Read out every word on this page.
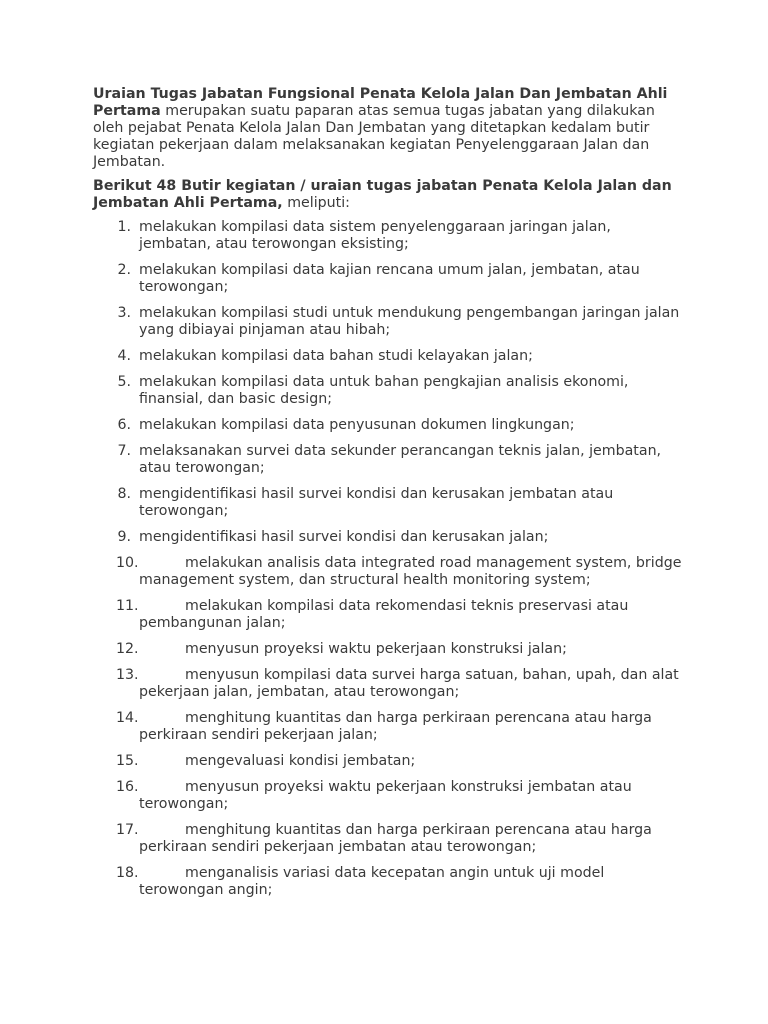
Uraian Tugas Jabatan Fungsional Penata Kelola Jalan Dan Jembatan Ahli Pertama merupakan suatu paparan atas semua tugas jabatan yang dilakukan oleh pejabat Penata Kelola Jalan Dan Jembatan yang ditetapkan kedalam butir kegiatan pekerjaan dalam melaksanakan kegiatan Penyelenggaraan Jalan dan Jembatan.

Berikut 48 Butir kegiatan / uraian tugas jabatan Penata Kelola Jalan dan Jembatan Ahli Pertama, meliputi:

1. melakukan kompilasi data sistem penyelenggaraan jaringan jalan, jembatan, atau terowongan eksisting;
2. melakukan kompilasi data kajian rencana umum jalan, jembatan, atau terowongan;
3. melakukan kompilasi studi untuk mendukung pengembangan jaringan jalan yang dibiayai pinjaman atau hibah;
4. melakukan kompilasi data bahan studi kelayakan jalan;
5. melakukan kompilasi data untuk bahan pengkajian analisis ekonomi, finansial, dan basic design;
6. melakukan kompilasi data penyusunan dokumen lingkungan;
7. melaksanakan survei data sekunder perancangan teknis jalan, jembatan, atau terowongan;
8. mengidentifikasi hasil survei kondisi dan kerusakan jembatan atau terowongan;
9. mengidentifikasi hasil survei kondisi dan kerusakan jalan;
10.	melakukan analisis data integrated road management system, bridge management system, dan structural health monitoring system;
11.	melakukan kompilasi data rekomendasi teknis preservasi atau pembangunan jalan;
12.	menyusun proyeksi waktu pekerjaan konstruksi jalan;
13.	menyusun kompilasi data survei harga satuan, bahan, upah, dan alat pekerjaan jalan, jembatan, atau terowongan;
14.	menghitung kuantitas dan harga perkiraan perencana atau harga perkiraan sendiri pekerjaan jalan;
15.	mengevaluasi kondisi jembatan;
16.	menyusun proyeksi waktu pekerjaan konstruksi jembatan atau terowongan;
17.	menghitung kuantitas dan harga perkiraan perencana atau harga perkiraan sendiri pekerjaan jembatan atau terowongan;
18.	menganalisis variasi data kecepatan angin untuk uji model terowongan angin;
